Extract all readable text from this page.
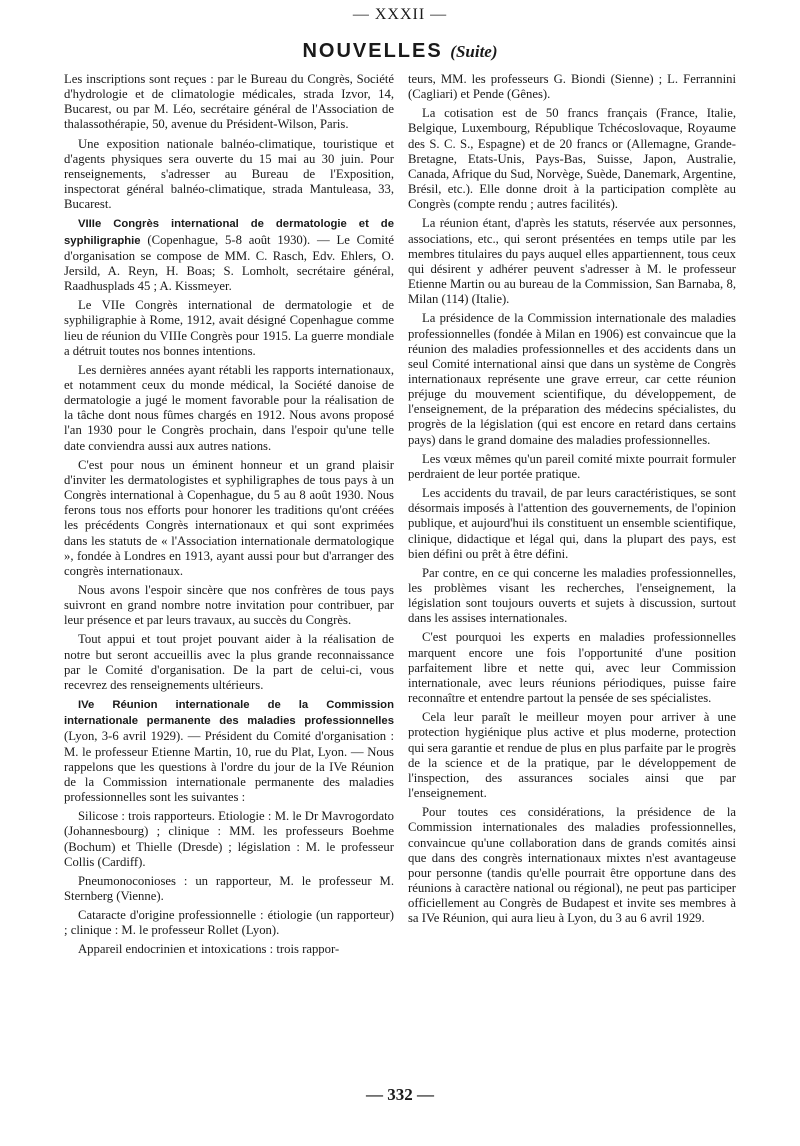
— XXXII —
NOUVELLES (Suite)

Les inscriptions sont reçues : par le Bureau du Congrès, Société d'hydrologie et de climatologie médicales, strada Izvor, 14, Bucarest, ou par M. Léo, secrétaire général de l'Association de thalassothérapie, 50, avenue du Président-Wilson, Paris.

Une exposition nationale balnéo-climatique, touristique et d'agents physiques sera ouverte du 15 mai au 30 juin. Pour renseignements, s'adresser au Bureau de l'Exposition, inspectorat général balnéo-climatique, strada Mantuleasa, 33, Bucarest.

VIIIe Congrès international de dermatologie et de syphiligraphie (Copenhague, 5-8 août 1930). — Le Comité d'organisation se compose de MM. C. Rasch, Edv. Ehlers, O. Jersild, A. Reyn, H. Boas; S. Lomholt, secrétaire général, Raadhusplads 45 ; A. Kissmeyer.

Le VIIe Congrès international de dermatologie et de syphiligraphie à Rome, 1912, avait désigné Copenhague comme lieu de réunion du VIIIe Congrès pour 1915. La guerre mondiale a détruit toutes nos bonnes intentions.

Les dernières années ayant rétabli les rapports internationaux, et notamment ceux du monde médical, la Société danoise de dermatologie a jugé le moment favorable pour la réalisation de la tâche dont nous fûmes chargés en 1912. Nous avons proposé l'an 1930 pour le Congrès prochain, dans l'espoir qu'une telle date conviendra aussi aux autres nations.

C'est pour nous un éminent honneur et un grand plaisir d'inviter les dermatologistes et syphiligraphes de tous pays à un Congrès international à Copenhague, du 5 au 8 août 1930. Nous ferons tous nos efforts pour honorer les traditions qu'ont créées les précédents Congrès internationaux et qui sont exprimées dans les statuts de « l'Association internationale dermatologique », fondée à Londres en 1913, ayant aussi pour but d'arranger des congrès internationaux.

Nous avons l'espoir sincère que nos confrères de tous pays suivront en grand nombre notre invitation pour contribuer, par leur présence et par leurs travaux, au succès du Congrès.

Tout appui et tout projet pouvant aider à la réalisation de notre but seront accueillis avec la plus grande reconnaissance par le Comité d'organisation. De la part de celui-ci, vous recevrez des renseignements ultérieurs.

IVe Réunion internationale de la Commission internationale permanente des maladies professionnelles (Lyon, 3-6 avril 1929). — Président du Comité d'organisation : M. le professeur Etienne Martin, 10, rue du Plat, Lyon. — Nous rappelons que les questions à l'ordre du jour de la IVe Réunion de la Commission internationale permanente des maladies professionnelles sont les suivantes :

Silicose : trois rapporteurs. Etiologie : M. le Dr Mavrogordato (Johannesbourg) ; clinique : MM. les professeurs Boehme (Bochum) et Thielle (Dresde) ; législation : M. le professeur Collis (Cardiff).

Pneumonoconioses : un rapporteur, M. le professeur M. Sternberg (Vienne).

Cataracte d'origine professionnelle : étiologie (un rapporteur) ; clinique : M. le professeur Rollet (Lyon).

Appareil endocrinien et intoxications : trois rappor-

teurs, MM. les professeurs G. Biondi (Sienne) ; L. Ferrannini (Cagliari) et Pende (Gênes).

La cotisation est de 50 francs français (France, Italie, Belgique, Luxembourg, République Tchécoslovaque, Royaume des S. C. S., Espagne) et de 20 francs or (Allemagne, Grande-Bretagne, Etats-Unis, Pays-Bas, Suisse, Japon, Australie, Canada, Afrique du Sud, Norvège, Suède, Danemark, Argentine, Brésil, etc.). Elle donne droit à la participation complète au Congrès (compte rendu ; autres facilités).

La réunion étant, d'après les statuts, réservée aux personnes, associations, etc., qui seront présentées en temps utile par les membres titulaires du pays auquel elles appartiennent, tous ceux qui désirent y adhérer peuvent s'adresser à M. le professeur Etienne Martin ou au bureau de la Commission, San Barnaba, 8, Milan (114) (Italie).

La présidence de la Commission internationale des maladies professionnelles (fondée à Milan en 1906) est convaincue que la réunion des maladies professionnelles et des accidents dans un seul Comité international ainsi que dans un système de Congrès internationaux représente une grave erreur, car cette réunion préjuge du mouvement scientifique, du développement, de l'enseignement, de la préparation des médecins spécialistes, du progrès de la législation (qui est encore en retard dans certains pays) dans le grand domaine des maladies professionnelles.

Les vœux mêmes qu'un pareil comité mixte pourrait formuler perdraient de leur portée pratique.

Les accidents du travail, de par leurs caractéristiques, se sont désormais imposés à l'attention des gouvernements, de l'opinion publique, et aujourd'hui ils constituent un ensemble scientifique, clinique, didactique et légal qui, dans la plupart des pays, est bien défini ou prêt à être défini.

Par contre, en ce qui concerne les maladies professionnelles, les problèmes visant les recherches, l'enseignement, la législation sont toujours ouverts et sujets à discussion, surtout dans les assises internationales.

C'est pourquoi les experts en maladies professionnelles marquent encore une fois l'opportunité d'une position parfaitement libre et nette qui, avec leur Commission internationale, avec leurs réunions périodiques, puisse faire reconnaître et entendre partout la pensée de ses spécialistes.

Cela leur paraît le meilleur moyen pour arriver à une protection hygiénique plus active et plus moderne, protection qui sera garantie et rendue de plus en plus parfaite par le progrès de la science et de la pratique, par le développement de l'inspection, des assurances sociales ainsi que par l'enseignement.

Pour toutes ces considérations, la présidence de la Commission internationales des maladies professionnelles, convaincue qu'une collaboration dans de grands comités ainsi que dans des congrès internationaux mixtes n'est avantageuse pour personne (tandis qu'elle pourrait être opportune dans des réunions à caractère national ou régional), ne peut pas participer officiellement au Congrès de Budapest et invite ses membres à sa IVe Réunion, qui aura lieu à Lyon, du 3 au 6 avril 1929.

— 332 —
